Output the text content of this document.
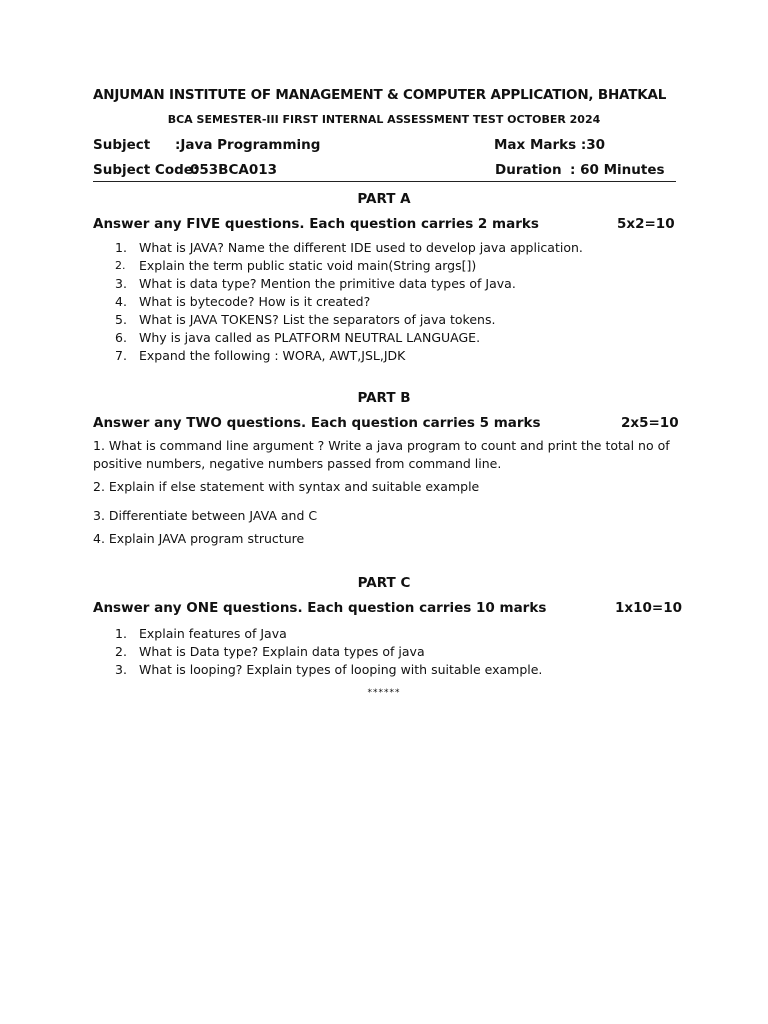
ANJUMAN INSTITUTE OF MANAGEMENT & COMPUTER APPLICATION, BHATKAL
BCA SEMESTER-III FIRST INTERNAL ASSESSMENT TEST OCTOBER 2024
Subject :Java Programming	Max Marks :30
Subject Code:
053BCA013	Duration : 60 Minutes
PART A
Answer any FIVE questions. Each question carries 2 marks	5x2=10
1. What is JAVA? Name the different IDE used to develop java application.
2.	Explain the term public static void main(String args[])
3. What is data type? Mention the primitive data types of Java.
4. What is bytecode? How is it created?
5. What is JAVA TOKENS? List the separators of java tokens.
6. Why is java called as PLATFORM NEUTRAL LANGUAGE.
7. Expand the following : WORA, AWT,JSL,JDK
PART B
Answer any TWO questions. Each question carries 5 marks	2x5=10
1. What is command line argument ? Write a java program to count and print the total no of positive numbers, negative numbers passed from command line.
2. Explain if else statement with syntax and suitable example
3. Differentiate between JAVA and C
4. Explain JAVA program structure
PART C
Answer any ONE questions. Each question carries 10 marks	1x10=10
1. Explain features of Java
2. What is Data type? Explain data types of java
3. What is looping? Explain types of looping with suitable example.
******
